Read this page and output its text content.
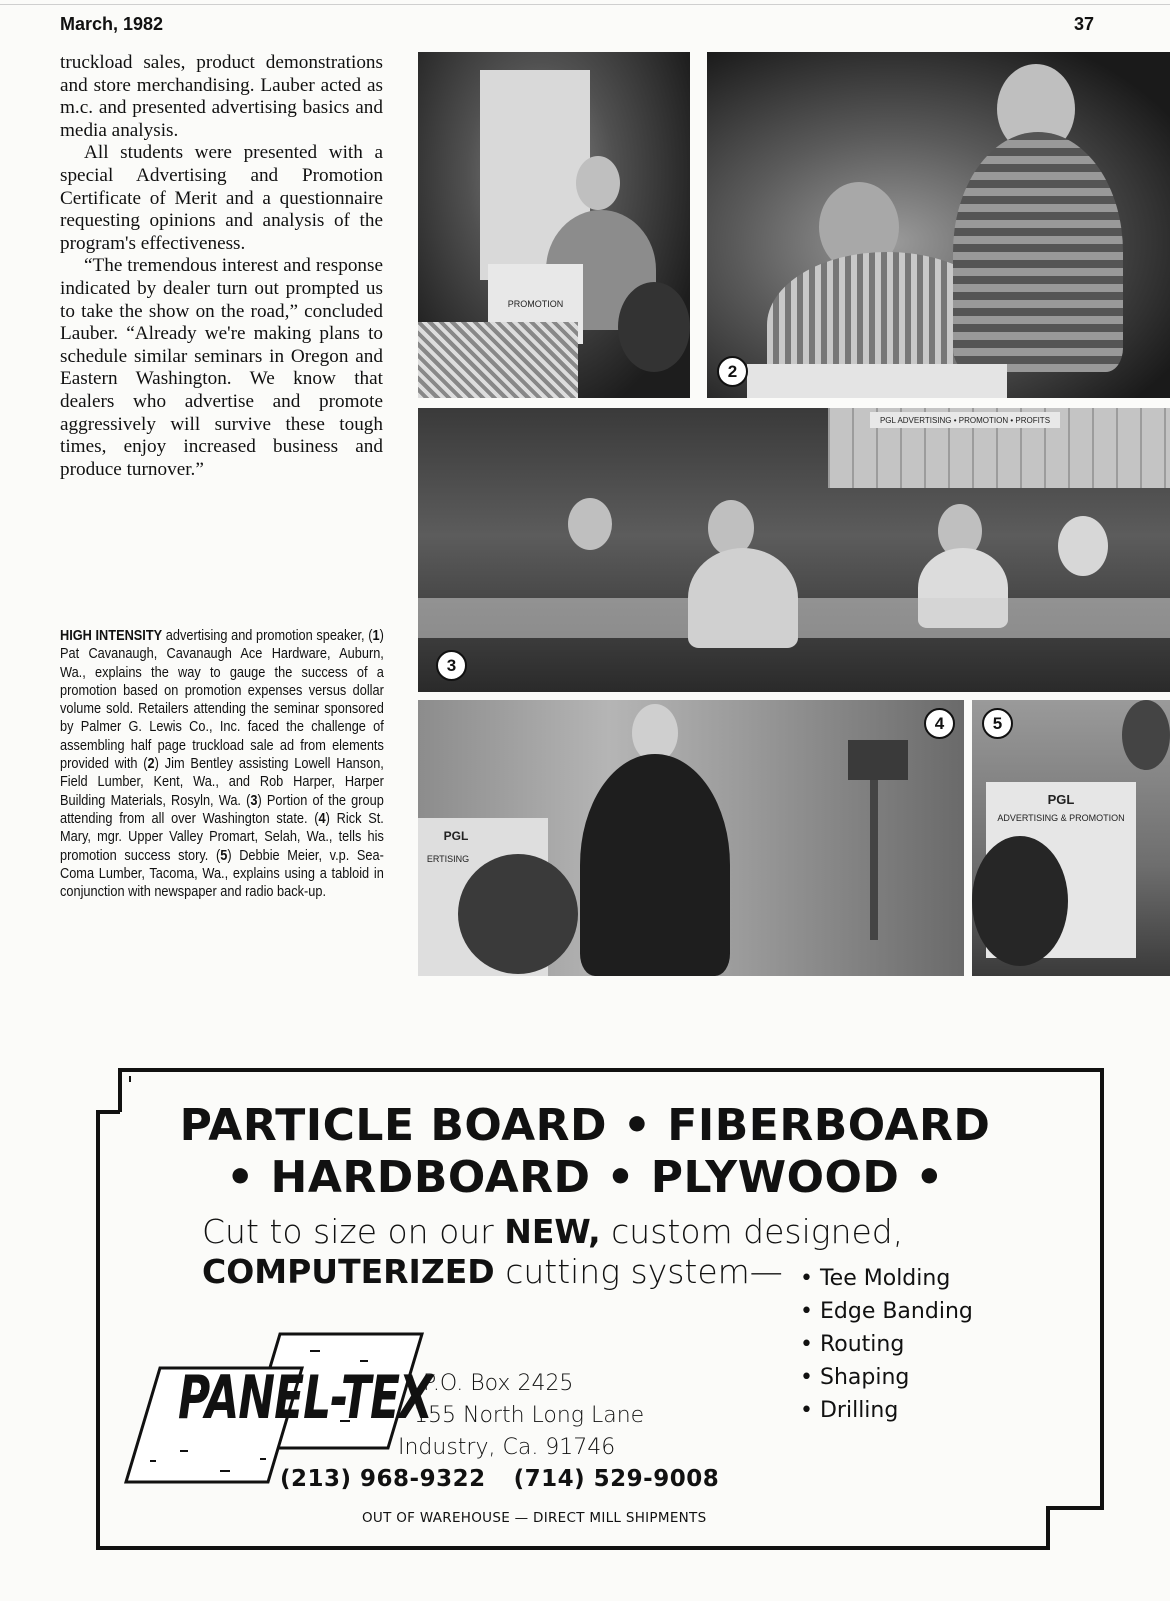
March, 1982	37

truckload sales, product demonstrations and store merchandising. Lauber acted as m.c. and presented advertising basics and media analysis.

All students were presented with a special Advertising and Promotion Certificate of Merit and a questionnaire requesting opinions and analysis of the program's effectiveness.

“The tremendous interest and response indicated by dealer turn out prompted us to take the show on the road,” concluded Lauber. “Already we're making plans to schedule similar seminars in Oregon and Eastern Washington. We know that dealers who advertise and promote aggressively will survive these tough times, enjoy increased business and produce turnover.”

HIGH INTENSITY advertising and promotion speaker, (1) Pat Cavanaugh, Cavanaugh Ace Hardware, Auburn, Wa., explains the way to gauge the success of a promotion based on promotion expenses versus dollar volume sold. Retailers attending the seminar sponsored by Palmer G. Lewis Co., Inc. faced the challenge of assembling half page truckload sale ad from elements provided with (2) Jim Bentley assisting Lowell Hanson, Field Lumber, Kent, Wa., and Rob Harper, Harper Building Materials, Rosyln, Wa. (3) Portion of the group attending from all over Washington state. (4) Rick St. Mary, mgr. Upper Valley Promart, Selah, Wa., tells his promotion success story. (5) Debbie Meier, v.p. Sea-Coma Lumber, Tacoma, Wa., explains using a tabloid in conjunction with newspaper and radio back-up.
PROMOTION
2
PGL ADVERTISING • PROMOTION • PROFITS
3
PGL
ERTISING
4
PGL
ADVERTISING & PROMOTION
5
PARTICLE BOARD • FIBERBOARD
• HARDBOARD • PLYWOOD •
Cut to size on our NEW, custom designed,
COMPUTERIZED cutting system—
•	Tee Molding
• Edge Banding
• Routing
• Shaping
• Drilling
PANEL-TEX
P.O. Box 2425
155 North Long Lane
Industry, Ca. 91746
(213) 968-9322 (714) 529-9008
OUT OF WAREHOUSE — DIRECT MILL SHIPMENTS
